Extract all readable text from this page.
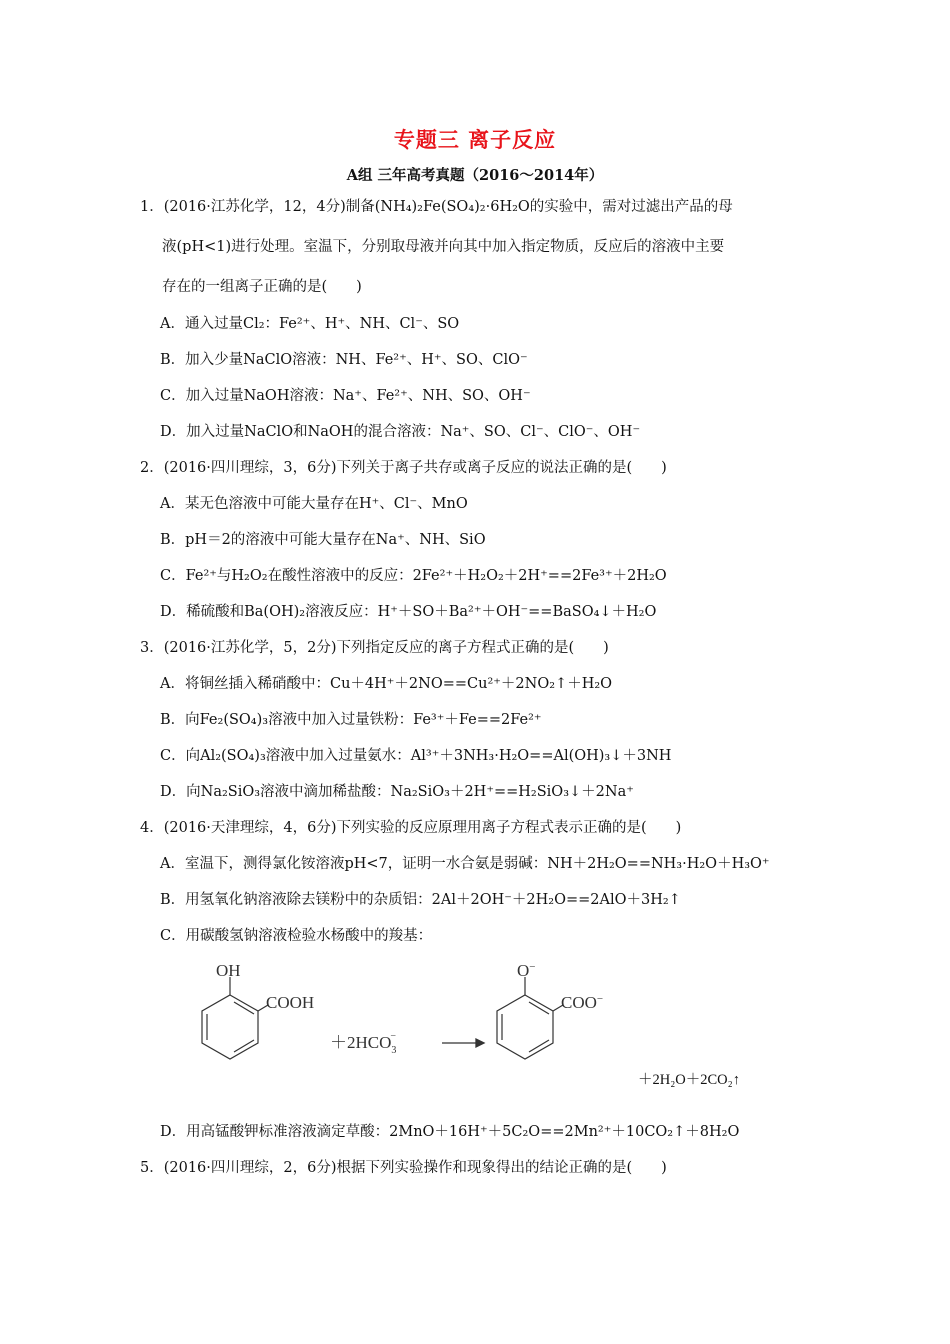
专题三 离子反应
A组 三年高考真题（2016～2014年）
1．(2016·江苏化学，12，4分)制备(NH₄)₂Fe(SO₄)₂·6H₂O的实验中，需对过滤出产品的母
液(pH<1)进行处理。室温下，分别取母液并向其中加入指定物质，反应后的溶液中主要
存在的一组离子正确的是(　　)
A．通入过量Cl₂：Fe²⁺、H⁺、NH、Cl⁻、SO
B．加入少量NaClO溶液：NH、Fe²⁺、H⁺、SO、ClO⁻
C．加入过量NaOH溶液：Na⁺、Fe²⁺、NH、SO、OH⁻
D．加入过量NaClO和NaOH的混合溶液：Na⁺、SO、Cl⁻、ClO⁻、OH⁻
2．(2016·四川理综，3，6分)下列关于离子共存或离子反应的说法正确的是(　　)
A．某无色溶液中可能大量存在H⁺、Cl⁻、MnO
B．pH＝2的溶液中可能大量存在Na⁺、NH、SiO
C．Fe²⁺与H₂O₂在酸性溶液中的反应：2Fe²⁺＋H₂O₂＋2H⁺==2Fe³⁺＋2H₂O
D．稀硫酸和Ba(OH)₂溶液反应：H⁺＋SO＋Ba²⁺＋OH⁻==BaSO₄↓＋H₂O
3．(2016·江苏化学，5，2分)下列指定反应的离子方程式正确的是(　　)
A．将铜丝插入稀硝酸中：Cu＋4H⁺＋2NO==Cu²⁺＋2NO₂↑＋H₂O
B．向Fe₂(SO₄)₃溶液中加入过量铁粉：Fe³⁺＋Fe==2Fe²⁺
C．向Al₂(SO₄)₃溶液中加入过量氨水：Al³⁺＋3NH₃·H₂O==Al(OH)₃↓＋3NH
D．向Na₂SiO₃溶液中滴加稀盐酸：Na₂SiO₃＋2H⁺==H₂SiO₃↓＋2Na⁺
4．(2016·天津理综，4，6分)下列实验的反应原理用离子方程式表示正确的是(　　)
A．室温下，测得氯化铵溶液pH<7，证明一水合氨是弱碱：NH＋2H₂O==NH₃·H₂O＋H₃O⁺
B．用氢氧化钠溶液除去镁粉中的杂质铝：2Al＋2OH⁻＋2H₂O==2AlO＋3H₂↑
C．用碳酸氢钠溶液检验水杨酸中的羧基：
OH
COOH
$+2HCO_3-$
O−
COO−
＋2H₂O＋2CO₂↑
D．用高锰酸钾标准溶液滴定草酸：2MnO＋16H⁺＋5C₂O==2Mn²⁺＋10CO₂↑＋8H₂O
5．(2016·四川理综，2，6分)根据下列实验操作和现象得出的结论正确的是(　　)
